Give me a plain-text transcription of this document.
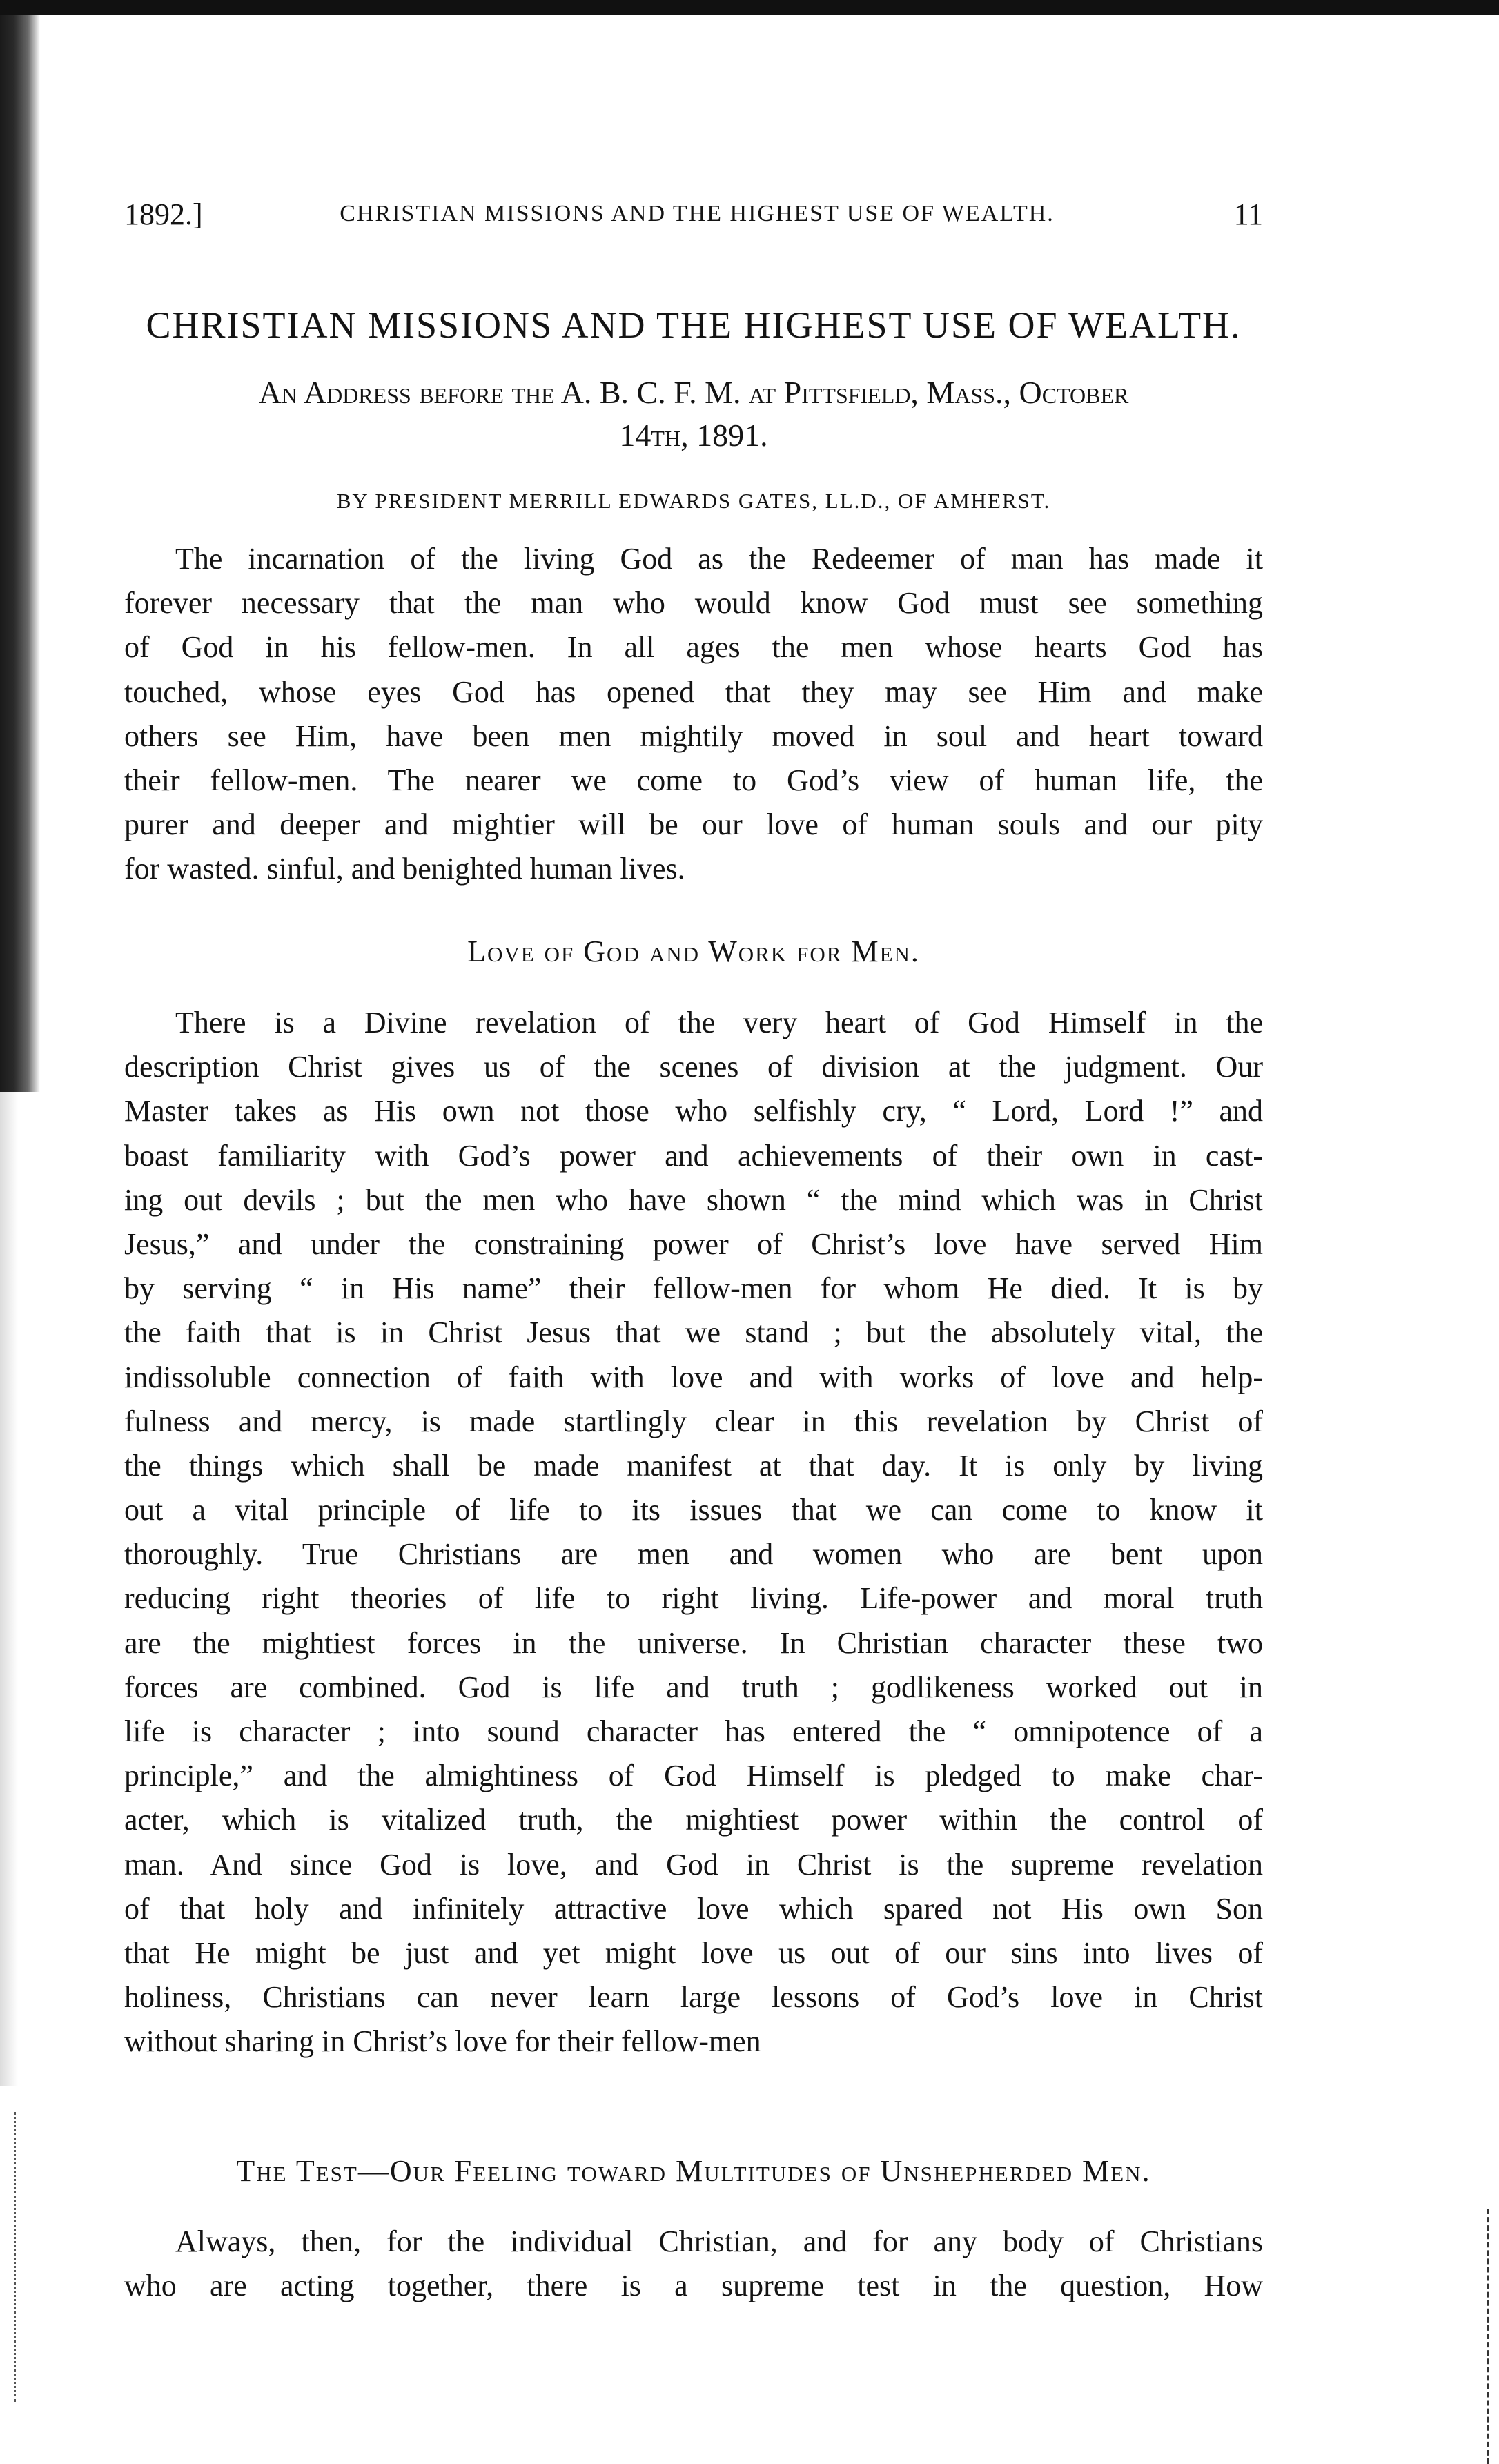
1892.]	CHRISTIAN MISSIONS AND THE HIGHEST USE OF WEALTH.	11
CHRISTIAN MISSIONS AND THE HIGHEST USE OF WEALTH.
An Address before the A. B. C. F. M. at Pittsfield, Mass., October
14th, 1891.
BY PRESIDENT MERRILL EDWARDS GATES, LL.D., OF AMHERST.
The incarnation of the living God as the Redeemer of man has made it
forever necessary that the man who would know God must see something
of God in his fellow-men. In all ages the men whose hearts God has
touched, whose eyes God has opened that they may see Him and make
others see Him, have been men mightily moved in soul and heart toward
their fellow-men. The nearer we come to God’s view of human life, the
purer and deeper and mightier will be our love of human souls and our pity
for wasted. sinful, and benighted human lives.
Love of God and Work for Men.
There is a Divine revelation of the very heart of God Himself in the
description Christ gives us of the scenes of division at the judgment. Our
Master takes as His own not those who selfishly cry, “ Lord, Lord !” and
boast familiarity with God’s power and achievements of their own in cast-
ing out devils ; but the men who have shown “ the mind which was in Christ
Jesus,” and under the constraining power of Christ’s love have served Him
by serving “ in His name” their fellow-men for whom He died. It is by
the faith that is in Christ Jesus that we stand ; but the absolutely vital, the
indissoluble connection of faith with love and with works of love and help-
fulness and mercy, is made startlingly clear in this revelation by Christ of
the things which shall be made manifest at that day. It is only by living
out a vital principle of life to its issues that we can come to know it
thoroughly. True Christians are men and women who are bent upon
reducing right theories of life to right living. Life-power and moral truth
are the mightiest forces in the universe. In Christian character these two
forces are combined. God is life and truth ; godlikeness worked out in
life is character ; into sound character has entered the “ omnipotence of a
principle,” and the almightiness of God Himself is pledged to make char-
acter, which is vitalized truth, the mightiest power within the control of
man. And since God is love, and God in Christ is the supreme revelation
of that holy and infinitely attractive love which spared not His own Son
that He might be just and yet might love us out of our sins into lives of
holiness, Christians can never learn large lessons of God’s love in Christ
without sharing in Christ’s love for their fellow-men
The Test—Our Feeling toward Multitudes of Unshepherded Men.
Always, then, for the individual Christian, and for any body of Christians
who are acting together, there is a supreme test in the question, How
